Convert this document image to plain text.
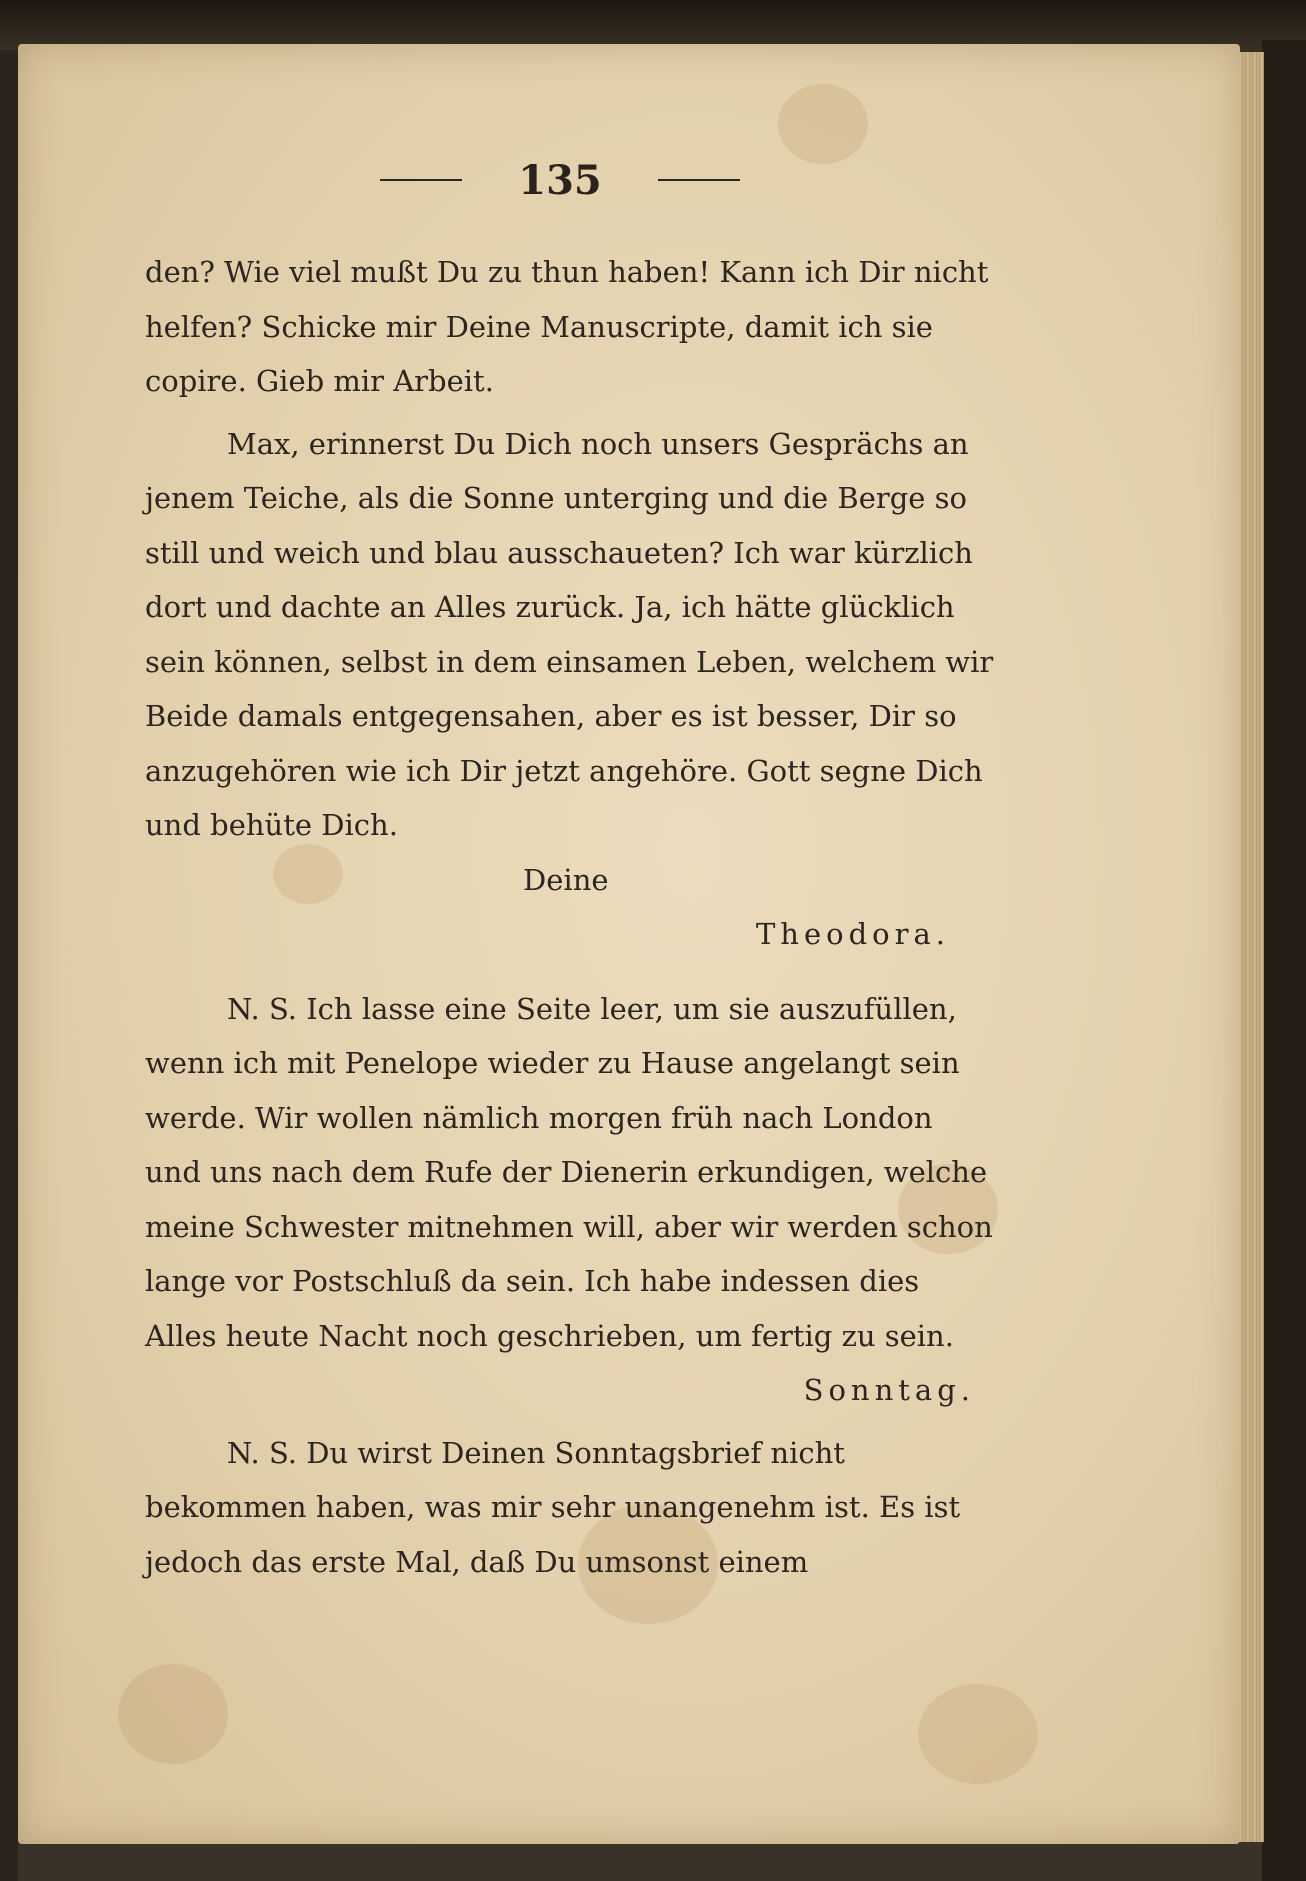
135

den? Wie viel mußt Du zu thun haben! Kann ich Dir nicht helfen? Schicke mir Deine Manuscripte, damit ich sie copire. Gieb mir Arbeit.

Max, erinnerst Du Dich noch unsers Gesprächs an jenem Teiche, als die Sonne unterging und die Berge so still und weich und blau ausschaueten? Ich war kürzlich dort und dachte an Alles zurück. Ja, ich hätte glücklich sein können, selbst in dem einsamen Leben, welchem wir Beide damals entgegensahen, aber es ist besser, Dir so anzugehören wie ich Dir jetzt angehöre. Gott segne Dich und behüte Dich.

Deine

Theodora.

N. S. Ich lasse eine Seite leer, um sie auszufüllen, wenn ich mit Penelope wieder zu Hause angelangt sein werde. Wir wollen nämlich morgen früh nach London und uns nach dem Rufe der Dienerin erkundigen, welche meine Schwester mitnehmen will, aber wir werden schon lange vor Postschluß da sein. Ich habe indessen dies Alles heute Nacht noch geschrieben, um fertig zu sein.

Sonntag.

N. S. Du wirst Deinen Sonntagsbrief nicht bekommen haben, was mir sehr unangenehm ist. Es ist jedoch das erste Mal, daß Du umsonst einem
